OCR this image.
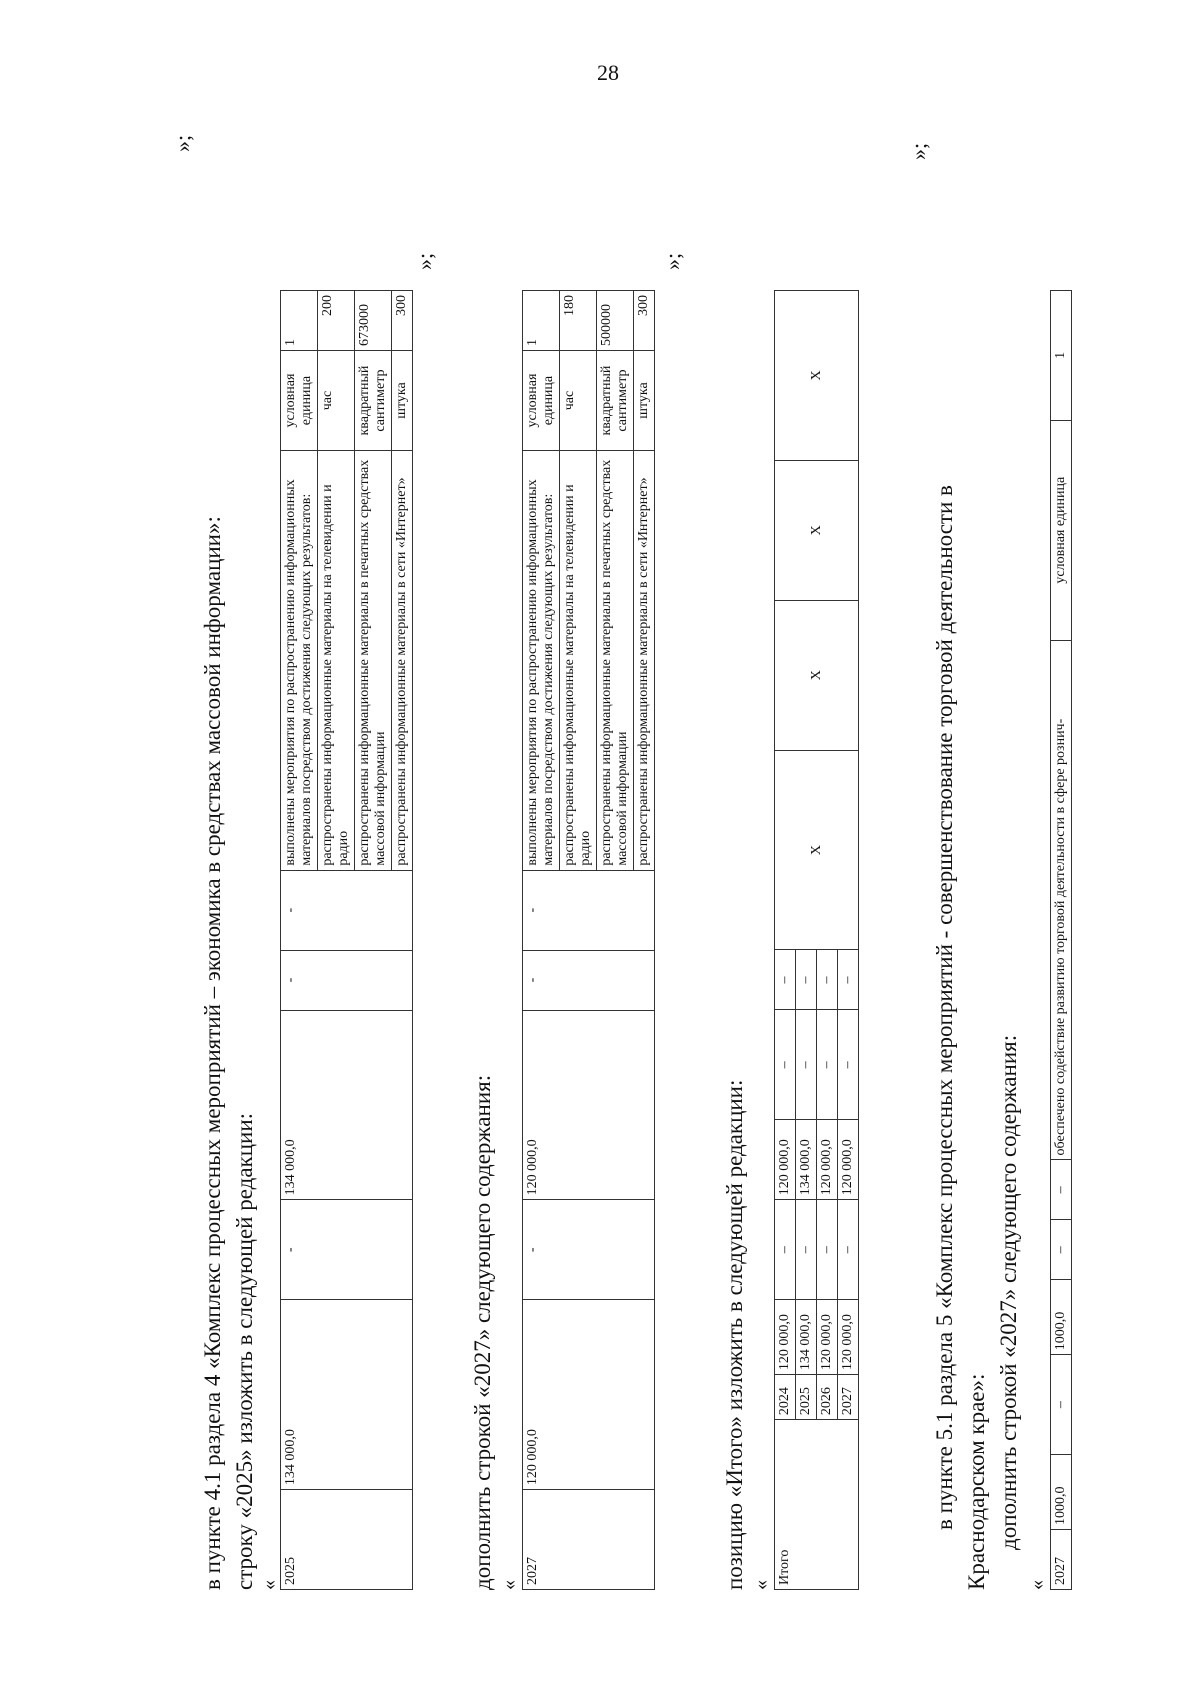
28
»;
в пункте 4.1 раздела 4 «Комплекс процессных мероприятий – экономика в средствах массовой информации»: строку «2025» изложить в следующей редакции: « 2025	134 000,0	-	134 000,0	-	-	выполнены мероприятия по распространению информационных материалов посредством достижения следующих результатов:	условная единица	1
						распространены информационные материалы на телевидении и радио	час	200
						распространены информационные материалы в печатных средствах массовой информации	квадратный сантиметр	673000
						распространены информационные материалы в сети «Интернет»	штука	300
»;
дополнить строкой «2027» следующего содержания: « 2027	120 000,0	-	120 000,0	-	-	выполнены мероприятия по распространению информационных материалов посредством достижения следующих результатов:	условная единица	1
						распространены информационные материалы на телевидении и радио	час	180
						распространены информационные материалы в печатных средствах массовой информации	квадратный сантиметр	500000
						распространены информационные материалы в сети «Интернет»	штука	300
»;
позицию «Итого» изложить в следующей редакции: « Итого	2024	120 000,0	–	120 000,0	–	–	X	X	X	X
	2025	134 000,0	–	134 000,0	–	–				
	2026	120 000,0	–	120 000,0	–	–				
	2027	120 000,0	–	120 000,0	–	–				
»;
в пункте 5.1 раздела 5 «Комплекс процессных мероприятий - совершенствование торговой деятельности в Краснодарском крае»: дополнить строкой «2027» следующего содержания:
« 2027	1000,0	–	1000,0	–	–	обеспечено содействие развитию торговой деятельности в сфере рознич-	условная единица	1
